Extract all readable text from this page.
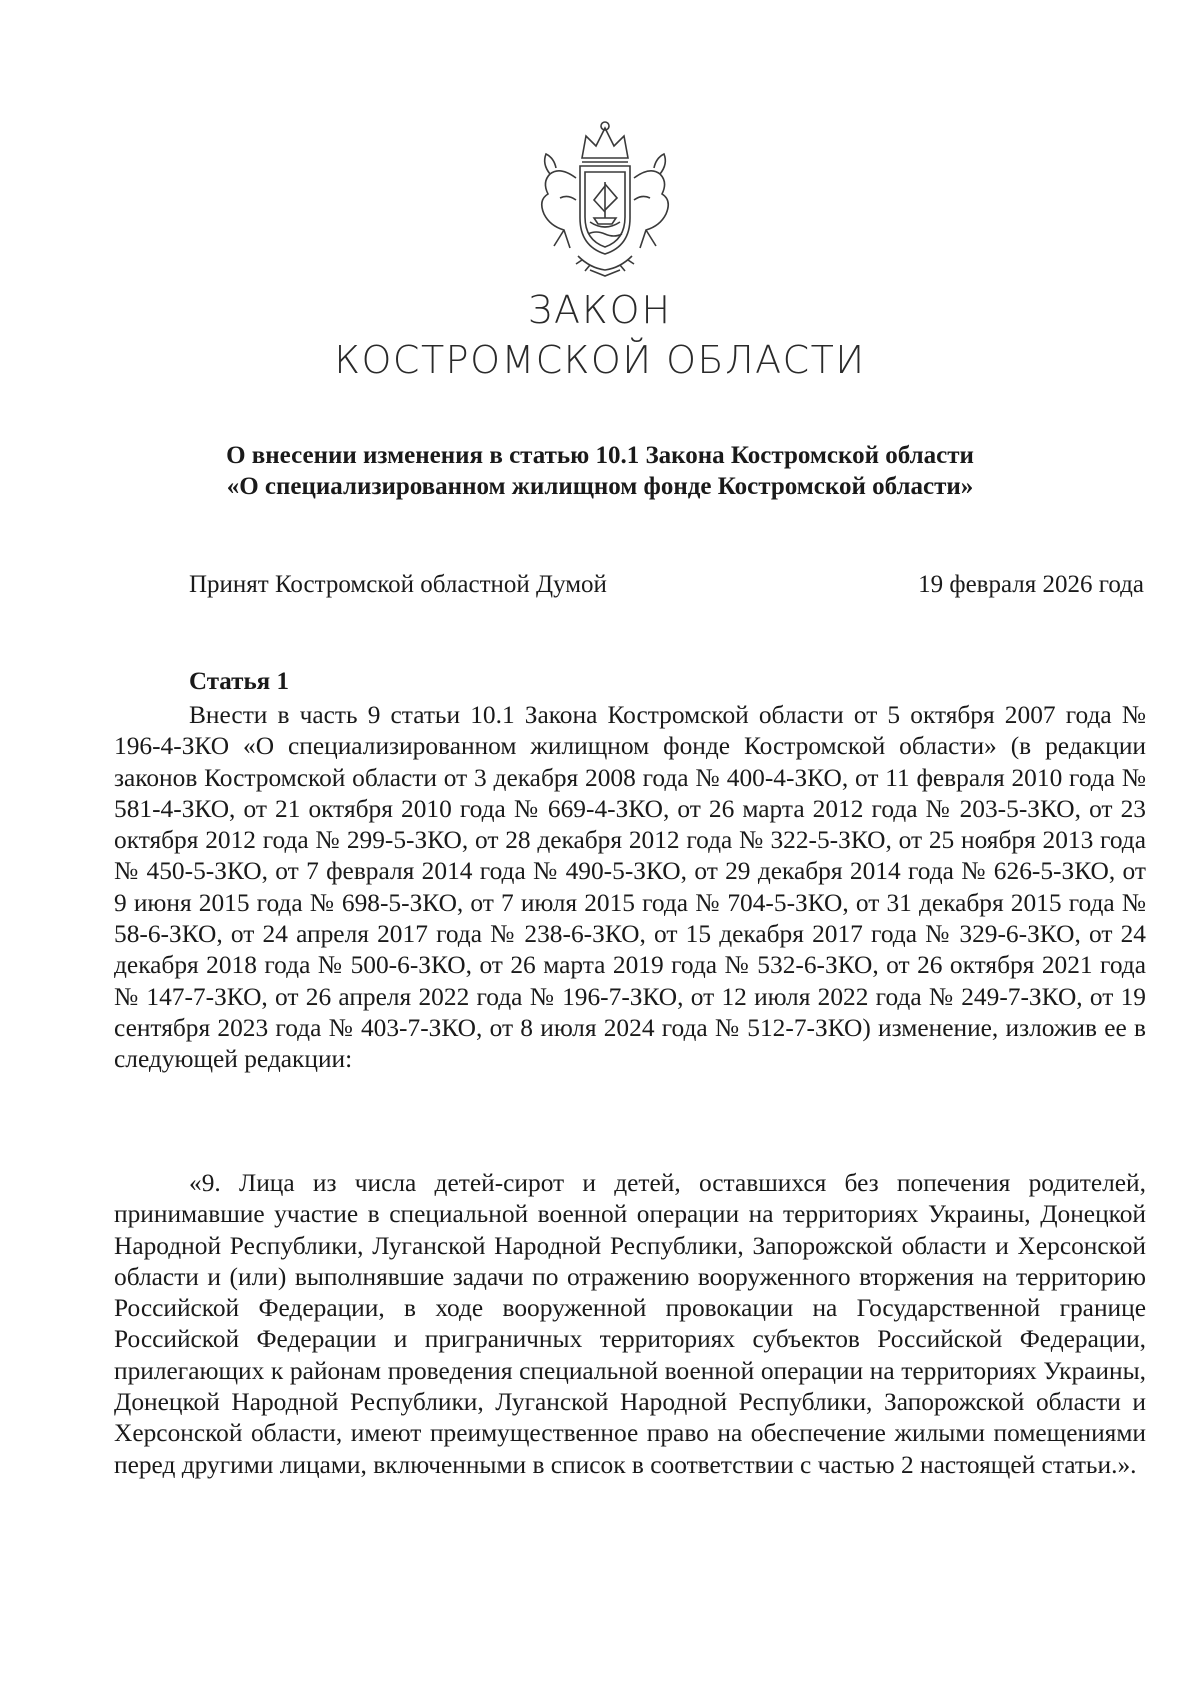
ЗАКОН
КОСТРОМСКОЙ ОБЛАСТИ
О внесении изменения в статью 10.1 Закона Костромской области
«О специализированном жилищном фонде Костромской области»
Принят Костромской областной Думой	19 февраля 2026 года
Статья 1

Внести в часть 9 статьи 10.1 Закона Костромской области от 5 октября 2007 года № 196-4-ЗКО «О специализированном жилищном фонде Костромской области» (в редакции законов Костромской области от 3 декабря 2008 года № 400-4-ЗКО, от 11 февраля 2010 года № 581-4-ЗКО, от 21 октября 2010 года № 669-4-ЗКО, от 26 марта 2012 года № 203-5-ЗКО, от 23 октября 2012 года № 299-5-ЗКО, от 28 декабря 2012 года № 322-5-ЗКО, от 25 ноября 2013 года № 450-5-ЗКО, от 7 февраля 2014 года № 490-5-ЗКО, от 29 декабря 2014 года № 626-5-ЗКО, от 9 июня 2015 года № 698-5-ЗКО, от 7 июля 2015 года № 704-5-ЗКО, от 31 декабря 2015 года № 58-6-ЗКО, от 24 апреля 2017 года № 238-6-ЗКО, от 15 декабря 2017 года № 329-6-ЗКО, от 24 декабря 2018 года № 500-6-ЗКО, от 26 марта 2019 года № 532-6-ЗКО, от 26 октября 2021 года № 147-7-ЗКО, от 26 апреля 2022 года № 196-7-ЗКО, от 12 июля 2022 года № 249-7-ЗКО, от 19 сентября 2023 года № 403-7-ЗКО, от 8 июля 2024 года № 512-7-ЗКО) изменение, изложив ее в следующей редакции:

«9. Лица из числа детей-сирот и детей, оставшихся без попечения родителей, принимавшие участие в специальной военной операции на территориях Украины, Донецкой Народной Республики, Луганской Народной Республики, Запорожской области и Херсонской области и (или) выполнявшие задачи по отражению вооруженного вторжения на территорию Российской Федерации, в ходе вооруженной провокации на Государственной границе Российской Федерации и приграничных территориях субъектов Российской Федерации, прилегающих к районам проведения специальной военной операции на территориях Украины, Донецкой Народной Республики, Луганской Народной Республики, Запорожской области и Херсонской области, имеют преимущественное право на обеспечение жилыми помещениями перед другими лицами, включенными в список в соответствии с частью 2 настоящей статьи.».
